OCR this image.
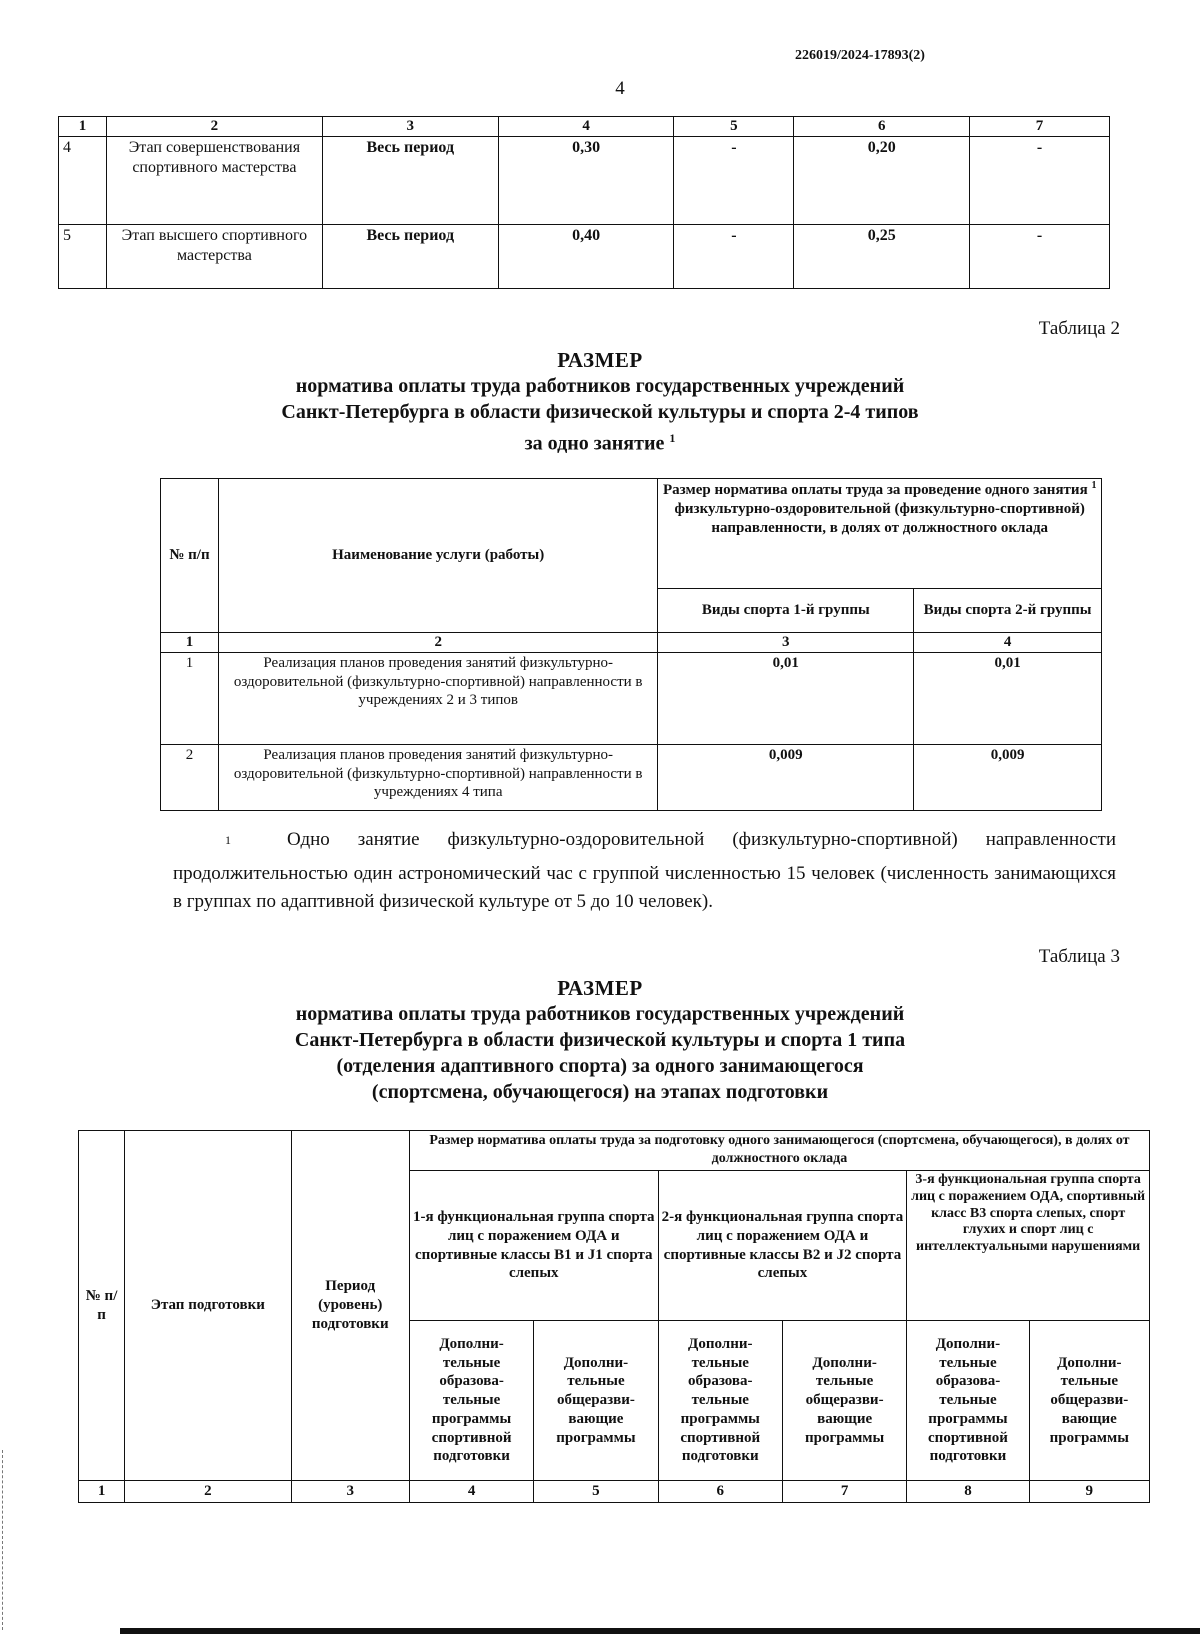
226019/2024-17893(2)
4
1	2	3	4	5	6	7
4	Этап совершенствования спортивного мастерства	Весь период	0,30	-	0,20	-
5	Этап высшего спортивного мастерства	Весь период	0,40	-	0,25	-
Таблица 2
РАЗМЕР
норматива оплаты труда работников государственных учреждений
Санкт-Петербурга в области физической культуры и спорта 2-4 типов
за одно занятие $^1$
№ п/п	Наименование услуги (работы)	Размер норматива оплаты труда за проведение одного занятия $^1$ физкультурно-оздоровительной (физкультурно-спортивной) направленности, в долях от должностного оклада	
		Виды спорта 1-й группы	Виды спорта 2-й группы
1	2	3	4
1	Реализация планов проведения занятий физкультурно-оздоровительной (физкультурно-спортивной) направленности в учреждениях 2 и 3 типов	0,01	0,01
2	Реализация планов проведения занятий физкультурно-оздоровительной (физкультурно-спортивной) направленности в учреждениях 4 типа	0,009	0,009
$^1$	Одно занятие физкультурно-оздоровительной (физкультурно-спортивной) направленности продолжительностью один астрономический час с группой численностью 15 человек (численность занимающихся в группах по адаптивной физической культуре от 5 до 10 человек).
Таблица 3
РАЗМЕР
норматива оплаты труда работников государственных учреждений
Санкт-Петербурга в области физической культуры и спорта 1 типа
(отделения адаптивного спорта) за одного занимающегося
(спортсмена, обучающегося) на этапах подготовки
№ п/п	Этап подготовки	Период (уровень) подготовки	Размер норматива оплаты труда за подготовку одного занимающегося (спортсмена, обучающегося), в долях от должностного оклада					
			1-я функциональная группа спорта лиц с поражением ОДА и спортивные классы В1 и J1 спорта слепых		2-я функциональная группа спорта лиц с поражением ОДА и спортивные классы В2 и J2 спорта слепых		3-я функциональная группа спорта лиц с поражением ОДА, спортивный класс В3 спорта слепых, спорт глухих и спорт лиц с интеллектуальными нарушениями	
			Дополни-тельные образова-тельные программы спортивной подготовки	Дополни-тельные общеразви-вающие программы	Дополни-тельные образова-тельные программы спортивной подготовки	Дополни-тельные общеразви-вающие программы	Дополни-тельные образова-тельные программы спортивной подготовки	Дополни-тельные общеразви-вающие программы
1	2	3	4	5	6	7	8	9
